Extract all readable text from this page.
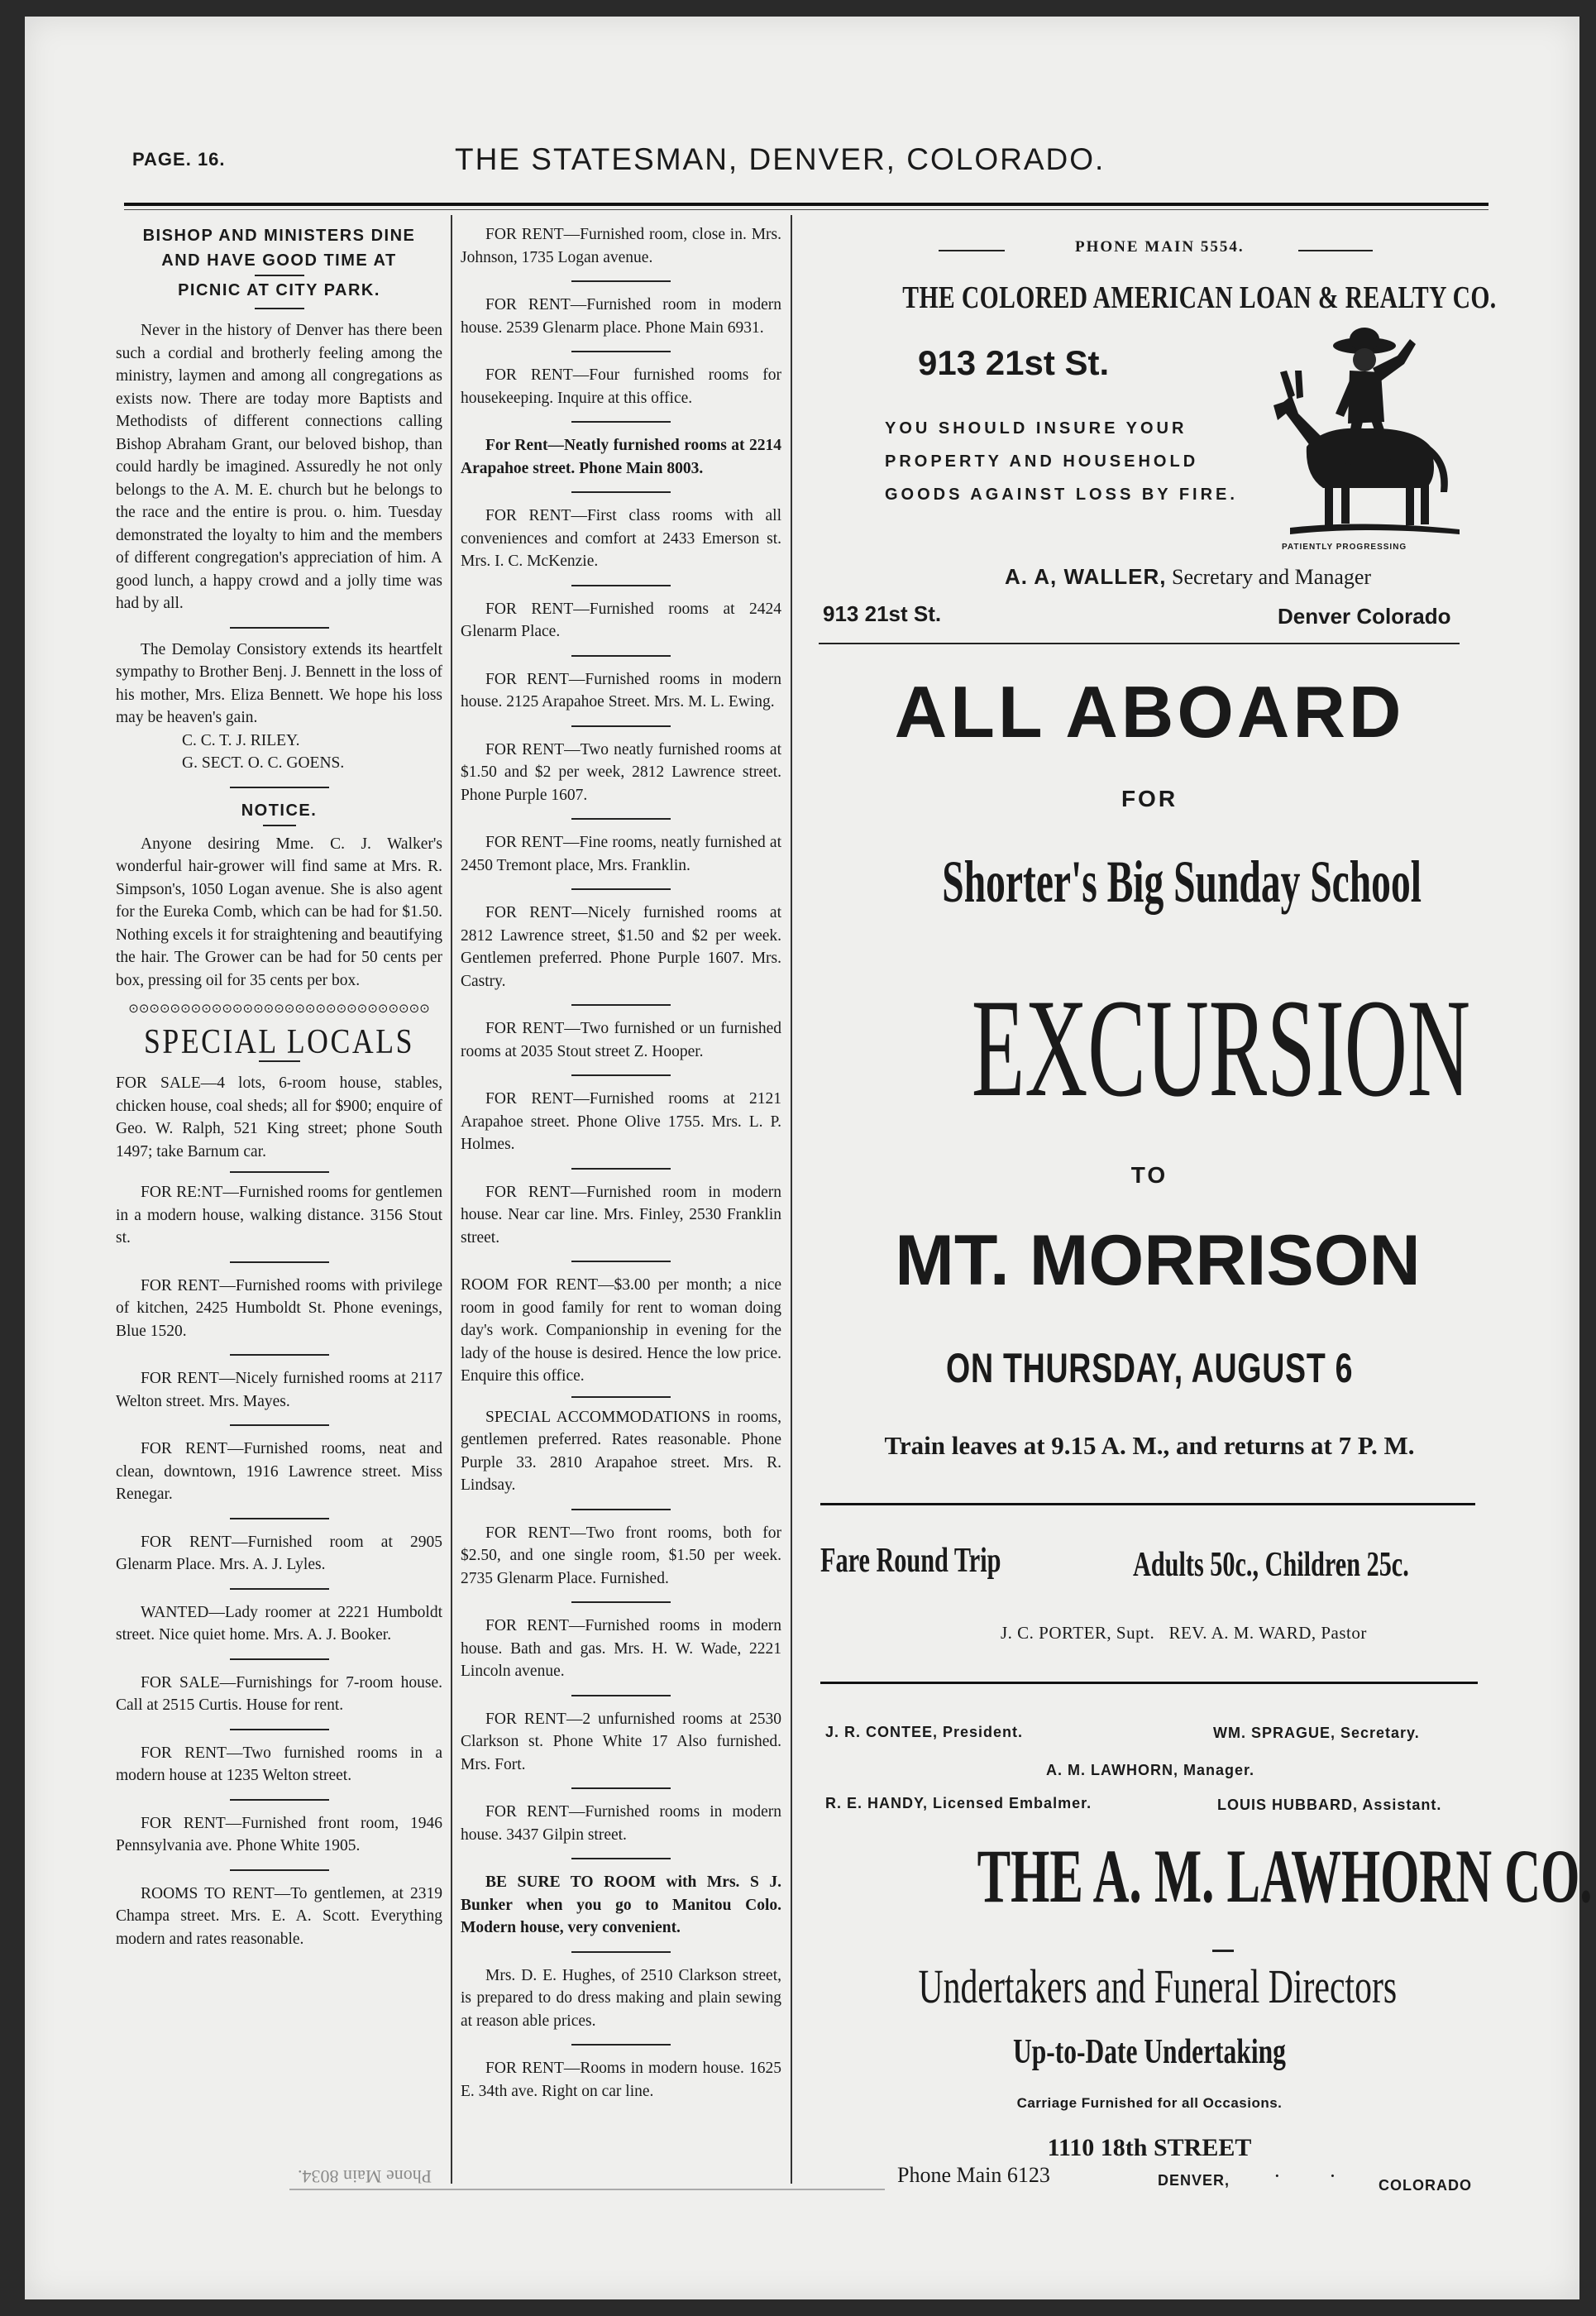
PAGE. 16.	THE STATESMAN, DENVER, COLORADO.
BISHOP AND MINISTERS DINE
AND HAVE GOOD TIME AT
PICNIC AT CITY PARK.

Never in the history of Denver has there been such a cordial and brotherly feeling among the ministry, laymen and among all congregations as exists now. There are today more Baptists and Methodists of different connections calling Bishop Abraham Grant, our beloved bishop, than could hardly be imagined. Assuredly he not only belongs to the A. M. E. church but he belongs to the race and the entire is prou. o. him. Tuesday demonstrated the loyalty to him and the members of different congregation's appreciation of him. A good lunch, a happy crowd and a jolly time was had by all.

The Demolay Consistory extends its heartfelt sympathy to Brother Benj. J. Bennett in the loss of his mother, Mrs. Eliza Bennett. We hope his loss may be heaven's gain.

C. C. T. J. RILEY.
G. SECT. O. C. GOENS.
NOTICE.

Anyone desiring Mme. C. J. Walker's wonderful hair-grower will find same at Mrs. R. Simpson's, 1050 Logan avenue. She is also agent for the Eureka Comb, which can be had for $1.50. Nothing excels it for straightening and beautifying the hair. The Grower can be had for 50 cents per box, pressing oil for 35 cents per box.

⊙⊙⊙⊙⊙⊙⊙⊙⊙⊙⊙⊙⊙⊙⊙⊙⊙⊙⊙⊙⊙⊙⊙⊙⊙⊙⊙⊙⊙
SPECIAL LOCALS

FOR SALE—4 lots, 6-room house, stables, chicken house, coal sheds; all for $900; enquire of Geo. W. Ralph, 521 King street; phone South 1497; take Barnum car.

FOR RE:NT—Furnished rooms for gentlemen in a modern house, walking distance. 3156 Stout st.

FOR RENT—Furnished rooms with privilege of kitchen, 2425 Humboldt St. Phone evenings, Blue 1520.

FOR RENT—Nicely furnished rooms at 2117 Welton street. Mrs. Mayes.

FOR RENT—Furnished rooms, neat and clean, downtown, 1916 Lawrence street. Miss Renegar.

FOR RENT—Furnished room at 2905 Glenarm Place. Mrs. A. J. Lyles.

WANTED—Lady roomer at 2221 Humboldt street. Nice quiet home. Mrs. A. J. Booker.

FOR SALE—Furnishings for 7-room house. Call at 2515 Curtis. House for rent.

FOR RENT—Two furnished rooms in a modern house at 1235 Welton street.

FOR RENT—Furnished front room, 1946 Pennsylvania ave. Phone White 1905.

ROOMS TO RENT—To gentlemen, at 2319 Champa street. Mrs. E. A. Scott. Everything modern and rates reasonable.

FOR RENT—Furnished room, close in. Mrs. Johnson, 1735 Logan avenue.

FOR RENT—Furnished room in modern house. 2539 Glenarm place. Phone Main 6931.

FOR RENT—Four furnished rooms for housekeeping. Inquire at this office.

For Rent—Neatly furnished rooms at 2214 Arapahoe street. Phone Main 8003.

FOR RENT—First class rooms with all conveniences and comfort at 2433 Emerson st. Mrs. I. C. McKenzie.

FOR RENT—Furnished rooms at 2424 Glenarm Place.

FOR RENT—Furnished rooms in modern house. 2125 Arapahoe Street. Mrs. M. L. Ewing.

FOR RENT—Two neatly furnished rooms at $1.50 and $2 per week, 2812 Lawrence street. Phone Purple 1607.

FOR RENT—Fine rooms, neatly furnished at 2450 Tremont place, Mrs. Franklin.

FOR RENT—Nicely furnished rooms at 2812 Lawrence street, $1.50 and $2 per week. Gentlemen preferred. Phone Purple 1607. Mrs. Castry.

FOR RENT—Two furnished or un furnished rooms at 2035 Stout street Z. Hooper.

FOR RENT—Furnished rooms at 2121 Arapahoe street. Phone Olive 1755. Mrs. L. P. Holmes.

FOR RENT—Furnished room in modern house. Near car line. Mrs. Finley, 2530 Franklin street.

ROOM FOR RENT—$3.00 per month; a nice room in good family for rent to woman doing day's work. Companionship in evening for the lady of the house is desired. Hence the low price. Enquire this office.

SPECIAL ACCOMMODATIONS in rooms, gentlemen preferred. Rates reasonable. Phone Purple 33. 2810 Arapahoe street. Mrs. R. Lindsay.

FOR RENT—Two front rooms, both for $2.50, and one single room, $1.50 per week. 2735 Glenarm Place. Furnished.

FOR RENT—Furnished rooms in modern house. Bath and gas. Mrs. H. W. Wade, 2221 Lincoln avenue.

FOR RENT—2 unfurnished rooms at 2530 Clarkson st. Phone White 17 Also furnished. Mrs. Fort.

FOR RENT—Furnished rooms in modern house. 3437 Gilpin street.

BE SURE TO ROOM with Mrs. S J. Bunker when you go to Manitou Colo. Modern house, very convenient.

Mrs. D. E. Hughes, of 2510 Clarkson street, is prepared to do dress making and plain sewing at reason able prices.

FOR RENT—Rooms in modern house. 1625 E. 34th ave. Right on car line.

PHONE MAIN 5554.
THE COLORED AMERICAN LOAN & REALTY CO.
913 21st St.
YOU SHOULD INSURE YOUR
PROPERTY AND HOUSEHOLD
GOODS AGAINST LOSS BY FIRE.
PATIENTLY PROGRESSING
A. A, WALLER, Secretary and Manager
913 21st St.	Denver Colorado
ALL ABOARD
FOR
Shorter's Big Sunday School
EXCURSION
TO
MT. MORRISON
ON THURSDAY, AUGUST 6
Train leaves at 9.15 A. M., and returns at 7 P. M.
Fare Round Trip	Adults 50c., Children 25c.
J. C. PORTER, Supt.   REV. A. M. WARD, Pastor
J. R. CONTEE, President.	WM. SPRAGUE, Secretary.
A. M. LAWHORN, Manager.
R. E. HANDY, Licensed Embalmer.	LOUIS HUBBARD, Assistant.
THE A. M. LAWHORN CO.
Undertakers and Funeral Directors
Up-to-Date Undertaking
Carriage Furnished for all Occasions.
1110 18th STREET
Phone Main 6123	DENVER, · · COLORADO
Phone Main 8034.
